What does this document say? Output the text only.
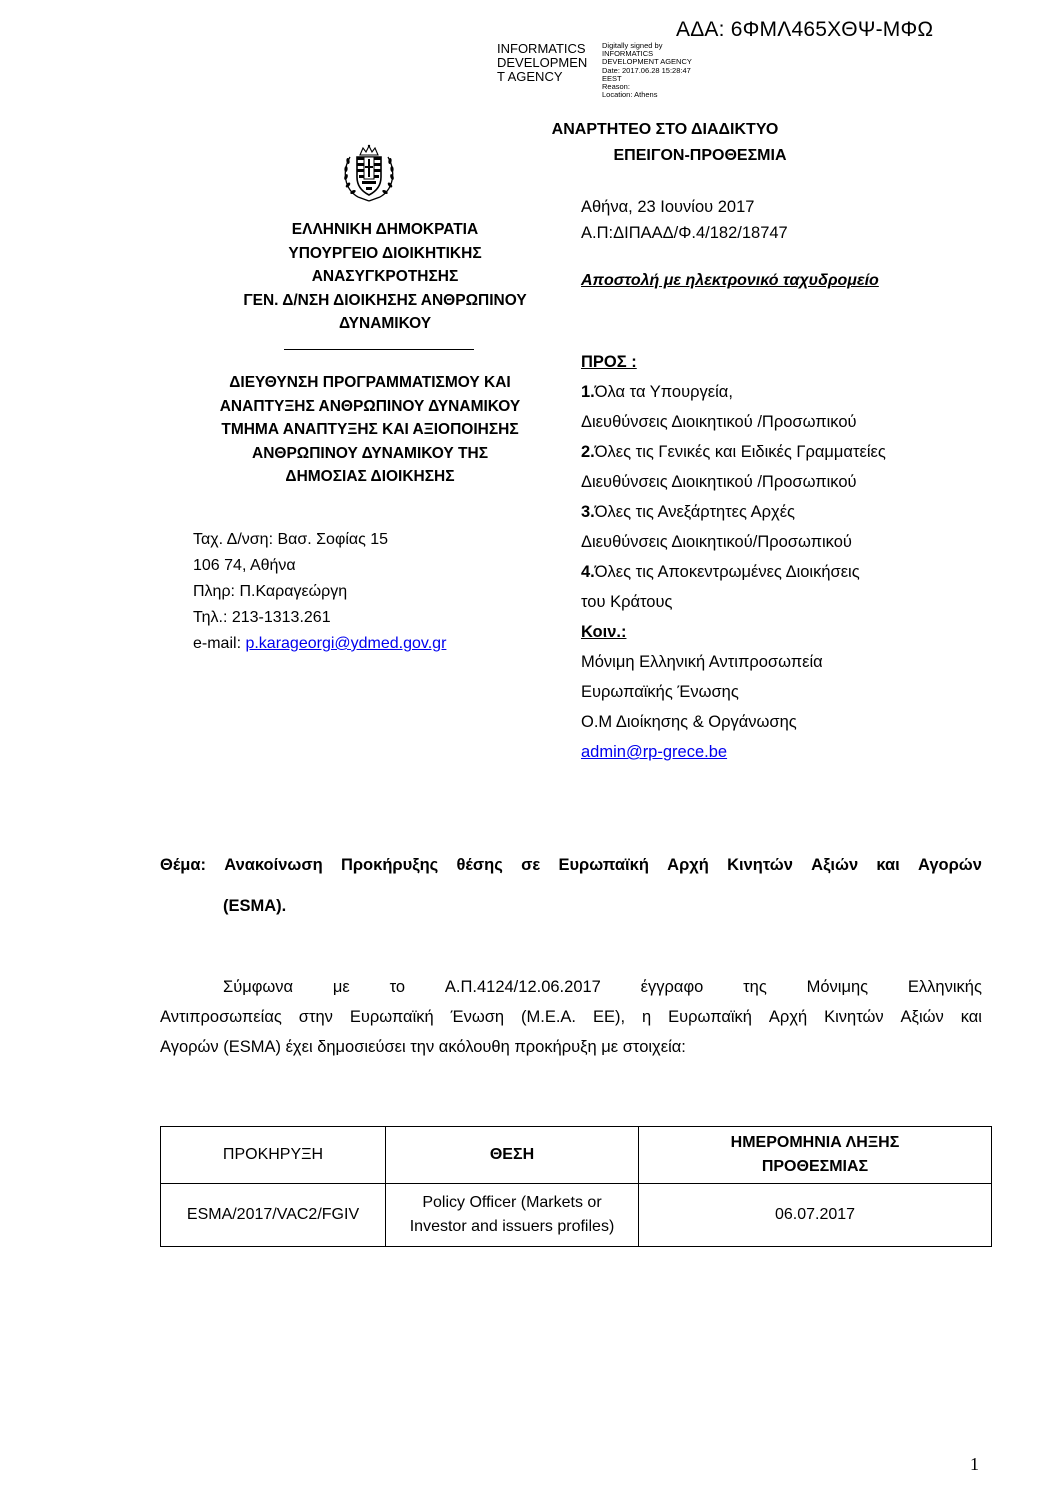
ΑΔΑ: 6ΦΜΛ465ΧΘΨ-ΜΦΩ
INFORMATICS
DEVELOPMEN
T AGENCY
Digitally signed by
INFORMATICS
DEVELOPMENT AGENCY
Date: 2017.06.28 15:28:47
EEST
Reason:
Location: Athens
ΕΛΛΗΝΙΚΗ ΔΗΜΟΚΡΑΤΙΑ
ΥΠΟΥΡΓΕΙΟ ΔΙΟΙΚΗΤΙΚΗΣ
ΑΝΑΣΥΓΚΡΟΤΗΣΗΣ
ΓΕΝ. Δ/ΝΣΗ ΔΙΟΙΚΗΣΗΣ ΑΝΘΡΩΠΙΝΟΥ
ΔΥΝΑΜΙΚΟΥ
ΔΙΕΥΘΥΝΣΗ ΠΡΟΓΡΑΜΜΑΤΙΣΜΟΥ ΚΑΙ
ΑΝΑΠΤΥΞΗΣ ΑΝΘΡΩΠΙΝΟΥ ΔΥΝΑΜΙΚΟΥ
ΤΜΗΜΑ ΑΝΑΠΤΥΞΗΣ ΚΑΙ ΑΞΙΟΠΟΙΗΣΗΣ
ΑΝΘΡΩΠΙΝΟΥ ΔΥΝΑΜΙΚΟΥ ΤΗΣ
ΔΗΜΟΣΙΑΣ ΔΙΟΙΚΗΣΗΣ
Ταχ. Δ/νση: Βασ. Σοφίας 15
106 74, Αθήνα
Πληρ: Π.Καραγεώργη
Τηλ.: 213-1313.261
e-mail: p.karageorgi@ydmed.gov.gr
ΑΝΑΡΤΗΤΕΟ ΣΤΟ ΔΙΑΔΙΚΤΥΟ
ΕΠΕΙΓΟΝ-ΠΡΟΘΕΣΜΙΑ
Αθήνα, 23 Ιουνίου 2017
Α.Π:ΔΙΠΑΑΔ/Φ.4/182/18747
Αποστολή με ηλεκτρονικό ταχυδρομείο
ΠΡΟΣ :
1.Όλα τα Υπουργεία,
Διευθύνσεις Διοικητικού /Προσωπικού
2.Όλες τις Γενικές και Ειδικές Γραμματείες
Διευθύνσεις Διοικητικού /Προσωπικού
3.Όλες τις Ανεξάρτητες Αρχές
Διευθύνσεις Διοικητικού/Προσωπικού
4.Όλες τις Αποκεντρωμένες Διοικήσεις
του Κράτους
Κοιν.:
Μόνιμη Ελληνική Αντιπροσωπεία
Ευρωπαϊκής Ένωσης
Ο.Μ Διοίκησης & Οργάνωσης
admin@rp-grece.be
Θέμα: Ανακοίνωση Προκήρυξης θέσης σε Ευρωπαϊκή Αρχή Κινητών Αξιών και Αγορών
(ESMA).
Σύμφωνα με το Α.Π.4124/12.06.2017 έγγραφο της Μόνιμης Ελληνικής
Αντιπροσωπείας στην Ευρωπαϊκή Ένωση (Μ.Ε.Α. ΕΕ), η Ευρωπαϊκή Αρχή Κινητών Αξιών και
Αγορών (ESMA) έχει δημοσιεύσει την ακόλουθη προκήρυξη με στοιχεία:
ΠΡΟΚΗΡΥΞΗ	ΘΕΣΗ	ΗΜΕΡΟΜΗΝΙΑ ΛΗΞΗΣ ΠΡΟΘΕΣΜΙΑΣ
ESMA/2017/VAC2/FGIV	Policy Officer (Markets or Investor and issuers profiles)	06.07.2017
1
